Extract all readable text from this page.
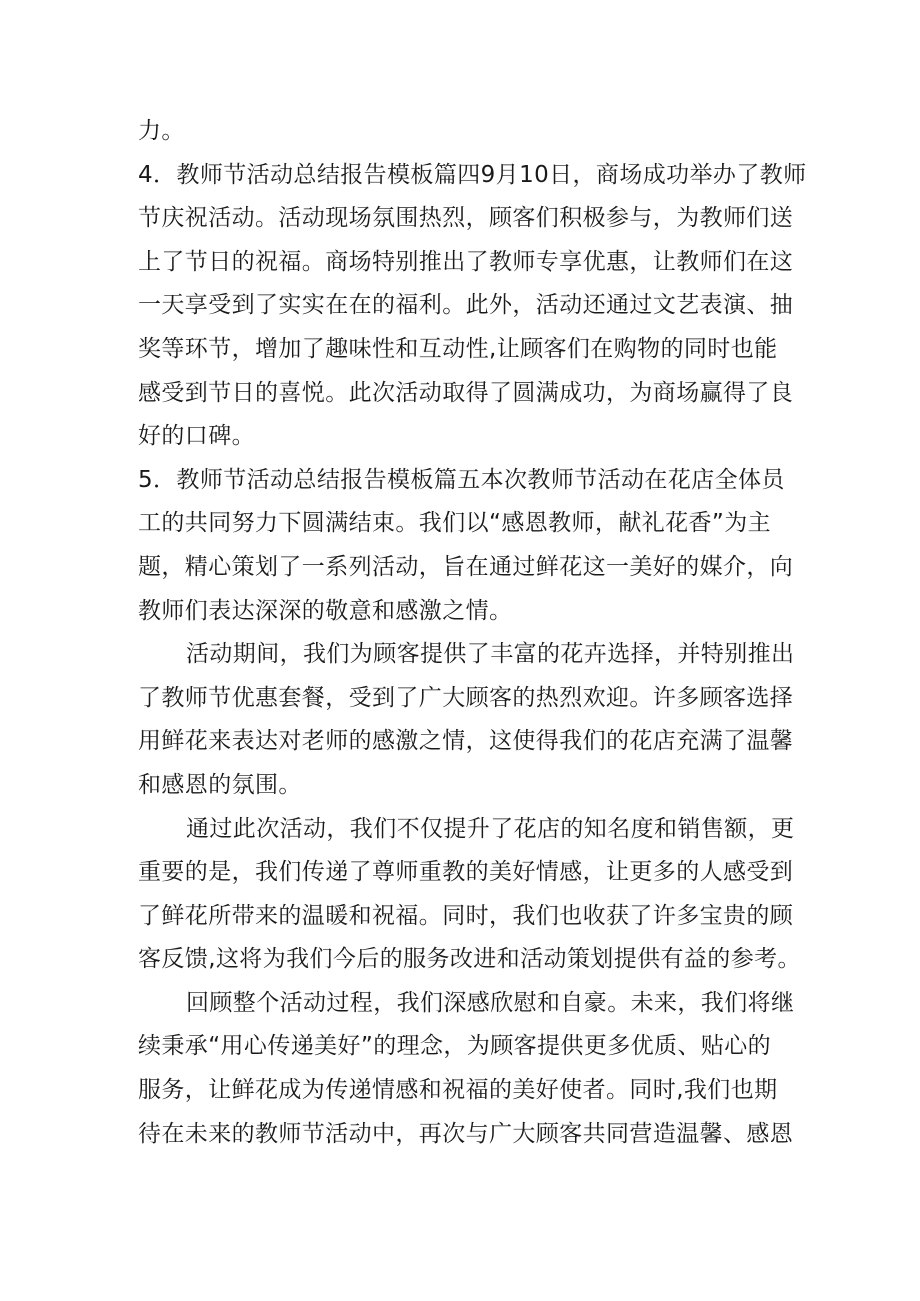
力。
4．教师节活动总结报告模板篇四9月10日，商场成功举办了教师
节庆祝活动。活动现场氛围热烈，顾客们积极参与，为教师们送
上了节日的祝福。商场特别推出了教师专享优惠，让教师们在这
一天享受到了实实在在的福利。此外，活动还通过文艺表演、抽
奖等环节，增加了趣味性和互动性,让顾客们在购物的同时也能
感受到节日的喜悦。此次活动取得了圆满成功，为商场赢得了良
好的口碑。
5．教师节活动总结报告模板篇五本次教师节活动在花店全体员
工的共同努力下圆满结束。我们以“感恩教师，献礼花香”为主
题，精心策划了一系列活动，旨在通过鲜花这一美好的媒介，向
教师们表达深深的敬意和感激之情。
活动期间，我们为顾客提供了丰富的花卉选择，并特别推出
了教师节优惠套餐，受到了广大顾客的热烈欢迎。许多顾客选择
用鲜花来表达对老师的感激之情，这使得我们的花店充满了温馨
和感恩的氛围。
通过此次活动，我们不仅提升了花店的知名度和销售额，更
重要的是，我们传递了尊师重教的美好情感，让更多的人感受到
了鲜花所带来的温暖和祝福。同时，我们也收获了许多宝贵的顾
客反馈,这将为我们今后的服务改进和活动策划提供有益的参考。
回顾整个活动过程，我们深感欣慰和自豪。未来，我们将继
续秉承“用心传递美好”的理念，为顾客提供更多优质、贴心的
服务，让鲜花成为传递情感和祝福的美好使者。同时,我们也期
待在未来的教师节活动中，再次与广大顾客共同营造温馨、感恩
